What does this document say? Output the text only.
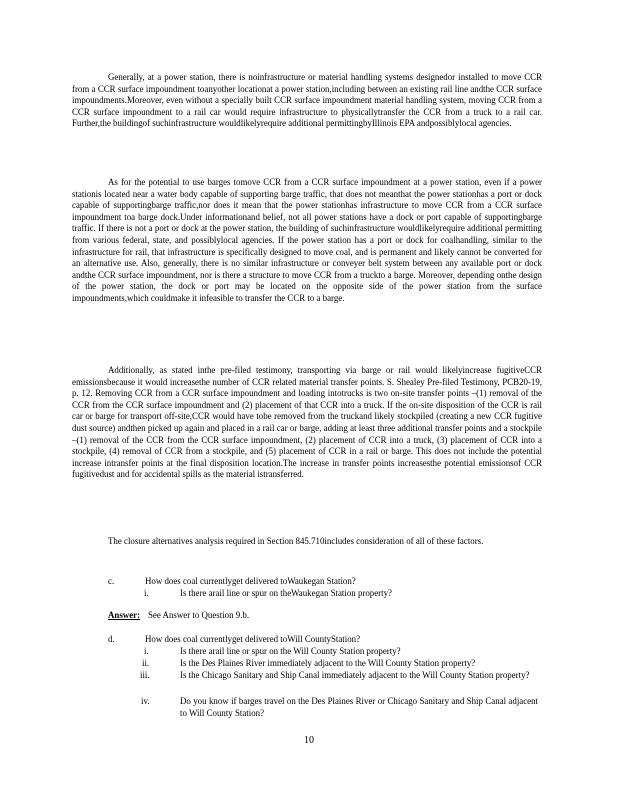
Generally, at a power station, there is noinfrastructure or material handling systems designedor installed to move CCR from a CCR surface impoundment toanyother locationat a power station,including between an existing rail line andthe CCR surface impoundments.Moreover, even without a specially built CCR surface impoundment material handling system, moving CCR from a CCR surface impoundment to a rail car would require infrastructure to physicallytransfer the CCR from a truck to a rail car. Further,the buildingof suchinfrastructure wouldlikelyrequire additional permittingbyIllinois EPA andpossiblylocal agencies.

As for the potential to use barges tomove CCR from a CCR surface impoundment at a power station, even if a power stationis located near a water body capable of supporting barge traffic, that does not meanthat the power stationhas a port or dock capable of supportingbarge traffic,nor does it mean that the power stationhas infrastructure to move CCR from a CCR surface impoundment toa barge dock.Under informationand belief, not all power stations have a dock or port capable of supportingbarge traffic. If there is not a port or dock at the power station, the building of suchinfrastructure wouldlikelyrequire additional permitting from various federal, state, and possiblylocal agencies. If the power station has a port or dock for coalhandling, similar to the infrastructure for rail, that infrastructure is specifically designed to move coal, and is permanent and likely cannot be converted for an alternative use. Also, generally, there is no similar infrastructure or conveyer belt system between any available port or dock andthe CCR surface impoundment, nor is there a structure to move CCR from a truckto a barge. Moreover, depending onthe design of the power station, the dock or port may be located on the opposite side of the power station from the surface impoundments,which couldmake it infeasible to transfer the CCR to a barge.

Additionally, as stated inthe pre-filed testimony, transporting via barge or rail would likelyincrease fugitiveCCR emissionsbecause it would increasethe number of CCR related material transfer points. S. Shealey Pre-filed Testimony, PCB20-19, p. 12. Removing CCR from a CCR surface impoundment and loading intotrucks is two on-site transfer points –(1) removal of the CCR from the CCR surface impoundment and (2) placement of that CCR into a truck. If the on-site disposition of the CCR is rail car or barge for transport off-site,CCR would have tobe removed from the truckand likely stockpiled (creating a new CCR fugitive dust source) andthen picked up again and placed in a rail car or barge, adding at least three additional transfer points and a stockpile –(1) removal of the CCR from the CCR surface impoundment, (2) placement of CCR into a truck, (3) placement of CCR into a stockpile, (4) removal of CCR from a stockpile, and (5) placement of CCR in a rail or barge. This does not include the potential increase intransfer points at the final disposition location.The increase in transfer points increasesthe potential emissionsof CCR fugitivedust and for accidental spills as the material istransferred.

The closure alternatives analysis required in Section 845.710includes consideration of all of these factors.

c.	How does coal currentlyget delivered toWaukegan Station?
i.	Is there arail line or spur on theWaukegan Station property?
Answer: See Answer to Question 9.b.
d.	How does coal currentlyget delivered toWill CountyStation?
i.	Is there arail line or spur on the Will County Station property?
ii.	Is the Des Plaines River immediately adjacent to the Will County Station property?
iii.	Is the Chicago Sanitary and Ship Canal immediately adjacent to the Will County Station property?
iv.	Do you know if barges travel on the Des Plaines River or Chicago Sanitary and Ship Canal adjacent to Will County Station?
10
